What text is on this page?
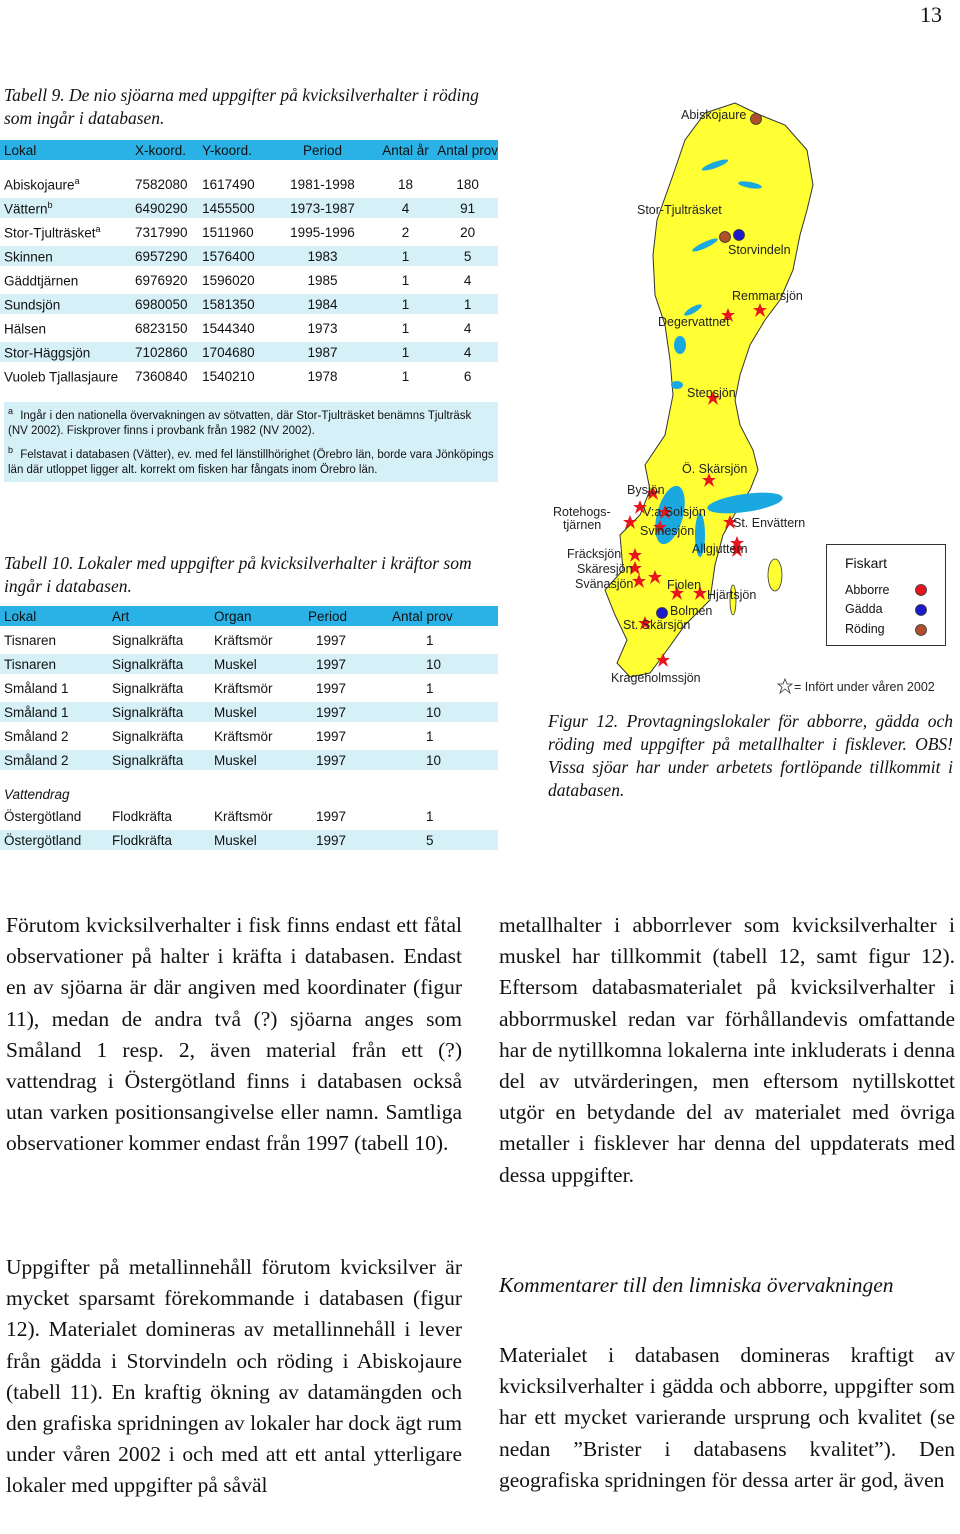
13
Tabell 9. De nio sjöarna med uppgifter på kvicksilverhalter i röding som ingår i databasen.
Lokal	X-koord.	Y-koord.	Period	Antal år	Antal prov

Abiskojaure$^a$	7582080	1617490	1981-1998	18	180
Vättern$^b$	6490290	1455500	1973-1987	4	91
Stor-Tjulträsket$^a$	7317990	1511960	1995-1996	2	20
Skinnen	6957290	1576400	1983	1	5
Gäddtjärnen	6976920	1596020	1985	1	4
Sundsjön	6980050	1581350	1984	1	1
Hälsen	6823150	1544340	1973	1	4
Stor-Häggsjön	7102860	1704680	1987	1	4
Vuoleb Tjallasjaure	7360840	1540210	1978	1	6
$^a$ Ingår i den nationella övervakningen av sötvatten, där Stor-Tjulträsket benämns Tjulträsk (NV 2002). Fiskprover finns i provbank från 1982 (NV 2002).
$^b$ Felstavat i databasen (Vätter), ev. med fel länstillhörighet (Örebro län, borde vara Jönköpings län där utloppet ligger alt. korrekt om fisken har fångats inom Örebro län.
Tabell 10. Lokaler med uppgifter på kvicksilverhalter i kräftor som ingår i databasen.
Lokal	Art	Organ	Period	Antal prov
Tisnaren	Signalkräfta	Kräftsmör	1997	1
Tisnaren	Signalkräfta	Muskel	1997	10
Småland 1	Signalkräfta	Kräftsmör	1997	1
Småland 1	Signalkräfta	Muskel	1997	10
Småland 2	Signalkräfta	Kräftsmör	1997	1
Småland 2	Signalkräfta	Muskel	1997	10
Vattendrag				
Östergötland	Flodkräfta	Kräftsmör	1997	1
Östergötland	Flodkräfta	Muskel	1997	5
Abiskojaure
Stor-Tjulträsket
Storvindeln
Remmarsjön
Degervattnet
Stensjön
Ö. Skärsjön
Bysjön
Rotehogs-
tjärnen
V:a Solsjön
Svinesjön
St. Envättern
Allgjuttern
Fräcksjön
Skäresjön
Svänasjön	Fiolen
Hjärtsjön
Bolmen
St. Skärsjön
Krageholmssjön
= Infört under våren 2002
Fiskart
Abborre
Gädda
Röding
Figur 12. Provtagningslokaler för abborre, gädda och röding med uppgifter på metallhalter i fisklever. OBS! Vissa sjöar har under arbetets fortlöpande tillkommit i databasen.
Förutom kvicksilverhalter i fisk finns endast ett fåtal observationer på halter i kräfta i databasen. Endast en av sjöarna är där angiven med koordinater (figur 11), medan de andra två (?) sjöarna anges som Småland 1 resp. 2, även material från ett (?) vattendrag i Östergötland finns i databasen också utan varken positionsangivelse eller namn. Samtliga observationer kommer endast från 1997 (tabell 10).
Uppgifter på metallinnehåll förutom kvicksilver är mycket sparsamt förekommande i databasen (figur 12). Materialet domineras av metallinnehåll i lever från gädda i Storvindeln och röding i Abiskojaure (tabell 11). En kraftig ökning av datamängden och den grafiska spridningen av lokaler har dock ägt rum under våren 2002 i och med att ett antal ytterligare lokaler med uppgifter på såväl
metallhalter i abborrlever som kvicksilverhalter i muskel har tillkommit (tabell 12, samt figur 12). Eftersom databasmaterialet på kvicksilverhalter i abborrmuskel redan var förhållandevis omfattande har de nytillkomna lokalerna inte inkluderats i denna del av utvärderingen, men eftersom nytillskottet utgör en betydande del av materialet med övriga metaller i fisklever har denna del uppdaterats med dessa uppgifter.
Kommentarer till den limniska övervakningen
Materialet i databasen domineras kraftigt av kvicksilverhalter i gädda och abborre, uppgifter som har ett mycket varierande ursprung och kvalitet (se nedan ”Brister i databasens kvalitet”). Den geografiska spridningen för dessa arter är god, även
